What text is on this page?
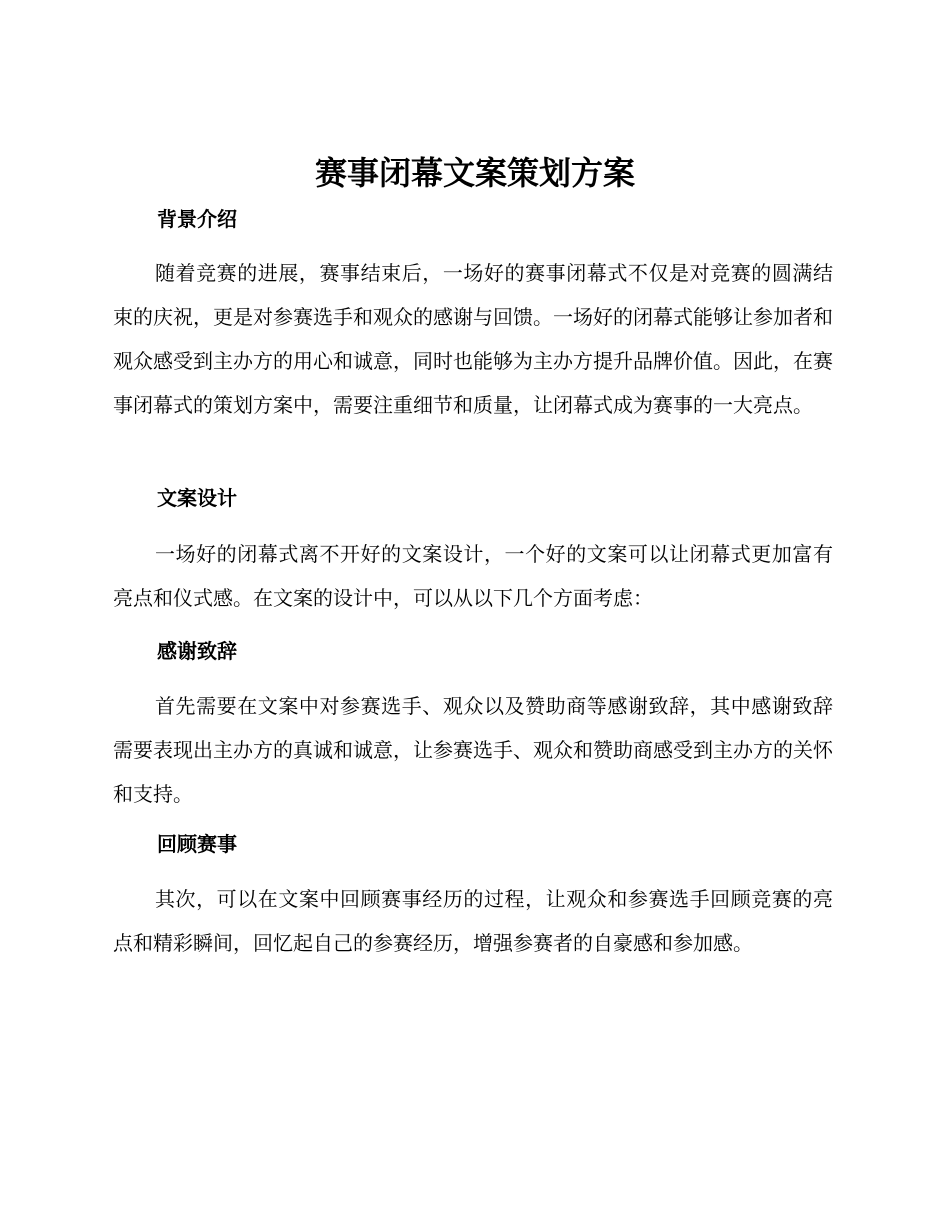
赛事闭幕文案策划方案
背景介绍

随着竞赛的进展，赛事结束后，一场好的赛事闭幕式不仅是对竞赛的圆满结束的庆祝，更是对参赛选手和观众的感谢与回馈。一场好的闭幕式能够让参加者和观众感受到主办方的用心和诚意，同时也能够为主办方提升品牌价值。因此，在赛事闭幕式的策划方案中，需要注重细节和质量，让闭幕式成为赛事的一大亮点。

文案设计

一场好的闭幕式离不开好的文案设计，一个好的文案可以让闭幕式更加富有亮点和仪式感。在文案的设计中，可以从以下几个方面考虑：

感谢致辞

首先需要在文案中对参赛选手、观众以及赞助商等感谢致辞，其中感谢致辞需要表现出主办方的真诚和诚意，让参赛选手、观众和赞助商感受到主办方的关怀和支持。

回顾赛事

其次，可以在文案中回顾赛事经历的过程，让观众和参赛选手回顾竞赛的亮点和精彩瞬间，回忆起自己的参赛经历，增强参赛者的自豪感和参加感。
